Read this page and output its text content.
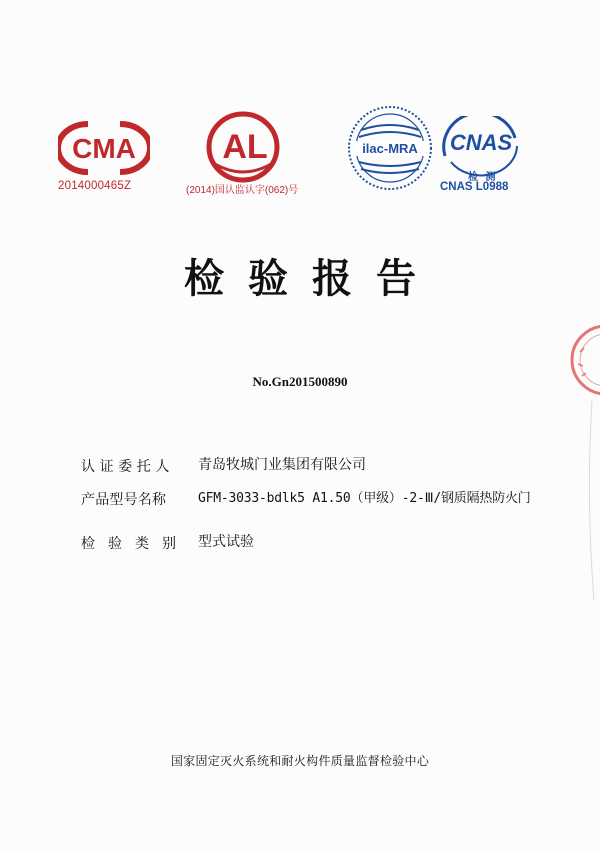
CMA
2014000465Z
AL
(2014)国认监认字(062)号
ilac-MRA CNAS
检 测
CNAS L0988
检验报告
No.Gn201500890
认证委托人	青岛牧城门业集团有限公司
产品型号名称	GFM-3033-bdlk5 A1.50（甲级）-2-Ⅲ/钢质隔热防火门
检验类别 型式试验
国家固定灭火系统和耐火构件质量监督检验中心
